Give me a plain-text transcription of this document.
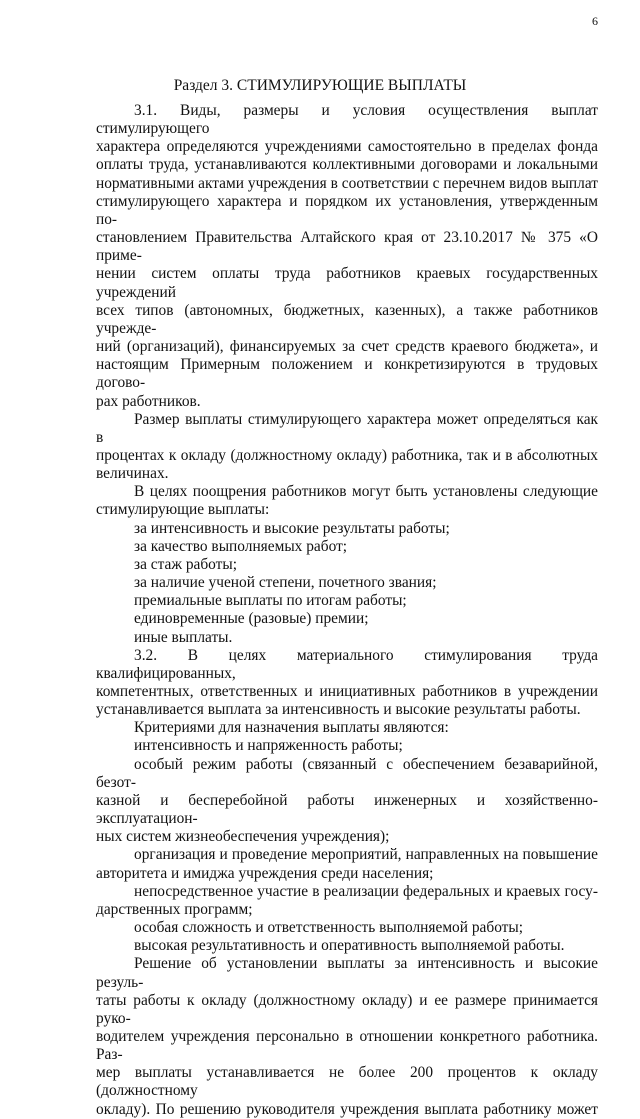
6
Раздел 3. СТИМУЛИРУЮЩИЕ ВЫПЛАТЫ

3.1. Виды, размеры и условия осуществления выплат стимулирующего

характера определяются учреждениями самостоятельно в пределах фонда

оплаты труда, устанавливаются коллективными договорами и локальными

нормативными актами учреждения в соответствии с перечнем видов выплат

стимулирующего характера и порядком их установления, утвержденным по-

становлением Правительства Алтайского края от 23.10.2017 № 375 «О приме-

нении систем оплаты труда работников краевых государственных учреждений

всех типов (автономных, бюджетных, казенных), а также работников учрежде-

ний (организаций), финансируемых за счет средств краевого бюджета», и

настоящим Примерным положением и конкретизируются в трудовых догово-

рах работников.

Размер выплаты стимулирующего характера может определяться как в

процентах к окладу (должностному окладу) работника, так и в абсолютных

величинах.

В целях поощрения работников могут быть установлены следующие

стимулирующие выплаты:

за интенсивность и высокие результаты работы;

за качество выполняемых работ;

за стаж работы;

за наличие ученой степени, почетного звания;

премиальные выплаты по итогам работы;

единовременные (разовые) премии;

иные выплаты.

3.2. В целях материального стимулирования труда квалифицированных,

компетентных, ответственных и инициативных работников в учреждении

устанавливается выплата за интенсивность и высокие результаты работы.

Критериями для назначения выплаты являются:

интенсивность и напряженность работы;

особый режим работы (связанный с обеспечением безаварийной, безот-

казной и бесперебойной работы инженерных и хозяйственно-эксплуатацион-

ных систем жизнеобеспечения учреждения);

организация и проведение мероприятий, направленных на повышение

авторитета и имиджа учреждения среди населения;

непосредственное участие в реализации федеральных и краевых госу-

дарственных программ;

особая сложность и ответственность выполняемой работы;

высокая результативность и оперативность выполняемой работы.

Решение об установлении выплаты за интенсивность и высокие резуль-

таты работы к окладу (должностному окладу) и ее размере принимается руко-

водителем учреждения персонально в отношении конкретного работника. Раз-

мер выплаты устанавливается не более 200 процентов к окладу (должностному

окладу). По решению руководителя учреждения выплата работнику может
